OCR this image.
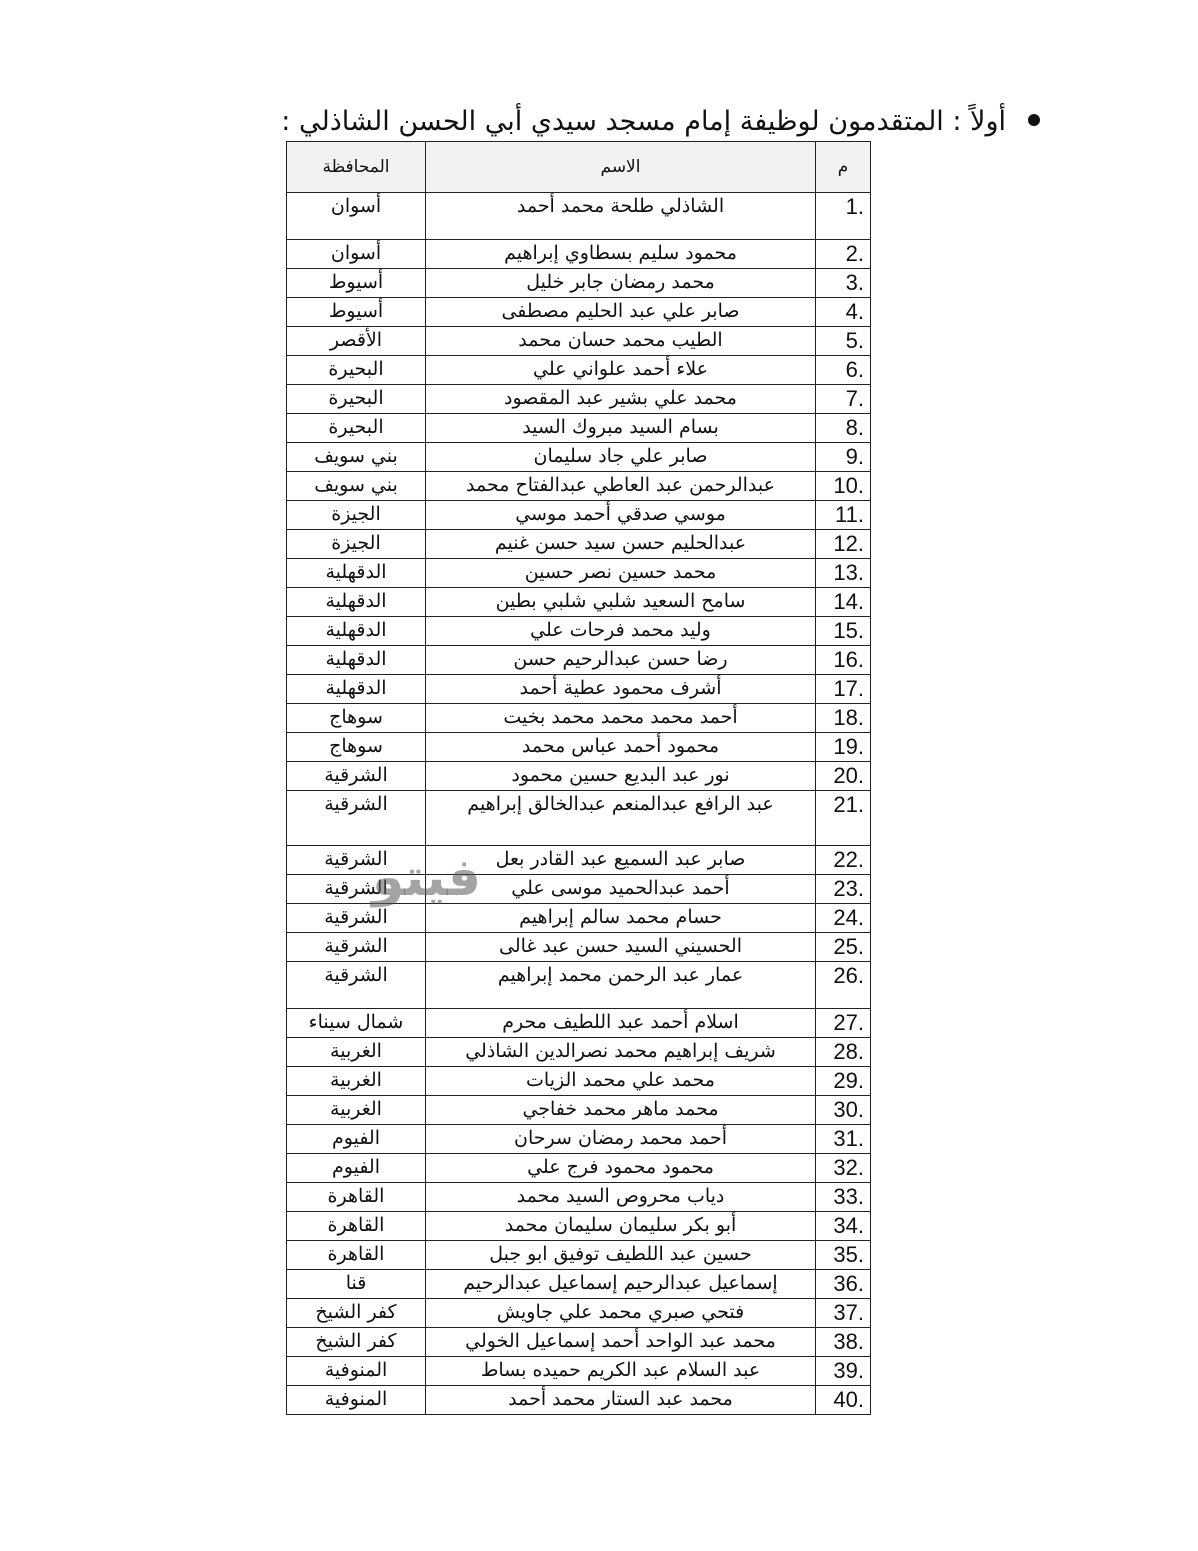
أولاً : المتقدمون لوظيفة إمام مسجد سيدي أبي الحسن الشاذلي :
م	الاسم	المحافظة
1.	الشاذلي طلحة محمد أحمد	أسوان
2.	محمود سليم بسطاوي إبراهيم	أسوان
3.	محمد رمضان جابر خليل	أسيوط
4.	صابر علي عبد الحليم مصطفى	أسيوط
5.	الطيب محمد حسان محمد	الأقصر
6.	علاء أحمد علواني علي	البحيرة
7.	محمد علي بشير عبد المقصود	البحيرة
8.	بسام السيد مبروك السيد	البحيرة
9.	صابر علي جاد سليمان	بني سويف
10.	عبدالرحمن عبد العاطي عبدالفتاح محمد	بني سويف
11.	موسي صدقي أحمد موسي	الجيزة
12.	عبدالحليم حسن سيد حسن غنيم	الجيزة
13.	محمد حسين نصر حسين	الدقهلية
14.	سامح السعيد شلبي شلبي بطين	الدقهلية
15.	وليد محمد فرحات علي	الدقهلية
16.	رضا حسن عبدالرحيم حسن	الدقهلية
17.	أشرف محمود عطية أحمد	الدقهلية
18.	أحمد محمد محمد محمد بخيت	سوهاج
19.	محمود أحمد عباس محمد	سوهاج
20.	نور عبد البديع حسين محمود	الشرقية
21.	عبد الرافع عبدالمنعم عبدالخالق إبراهيم	الشرقية
22.	صابر عبد السميع عبد القادر بعل	الشرقية
23.	أحمد عبدالحميد موسى علي	الشرقية
24.	حسام محمد سالم إبراهيم	الشرقية
25.	الحسيني السيد حسن عبد غالى	الشرقية
26.	عمار عبد الرحمن محمد إبراهيم	الشرقية
27.	اسلام أحمد عبد اللطيف محرم	شمال سيناء
28.	شريف إبراهيم محمد نصرالدين الشاذلي	الغربية
29.	محمد علي محمد الزيات	الغربية
30.	محمد ماهر محمد خفاجي	الغربية
31.	أحمد محمد رمضان سرحان	الفيوم
32.	محمود محمود فرج علي	الفيوم
33.	دياب محروص السيد محمد	القاهرة
34.	أبو بكر سليمان سليمان محمد	القاهرة
35.	حسين عبد اللطيف توفيق ابو جبل	القاهرة
36.	إسماعيل عبدالرحيم إسماعيل عبدالرحيم	قنا
37.	فتحي صبري محمد علي جاويش	كفر الشيخ
38.	محمد عبد الواحد أحمد إسماعيل الخولي	كفر الشيخ
39.	عبد السلام عبد الكريم حميده بساط	المنوفية
40.	محمد عبد الستار محمد أحمد	المنوفية
فيتو
